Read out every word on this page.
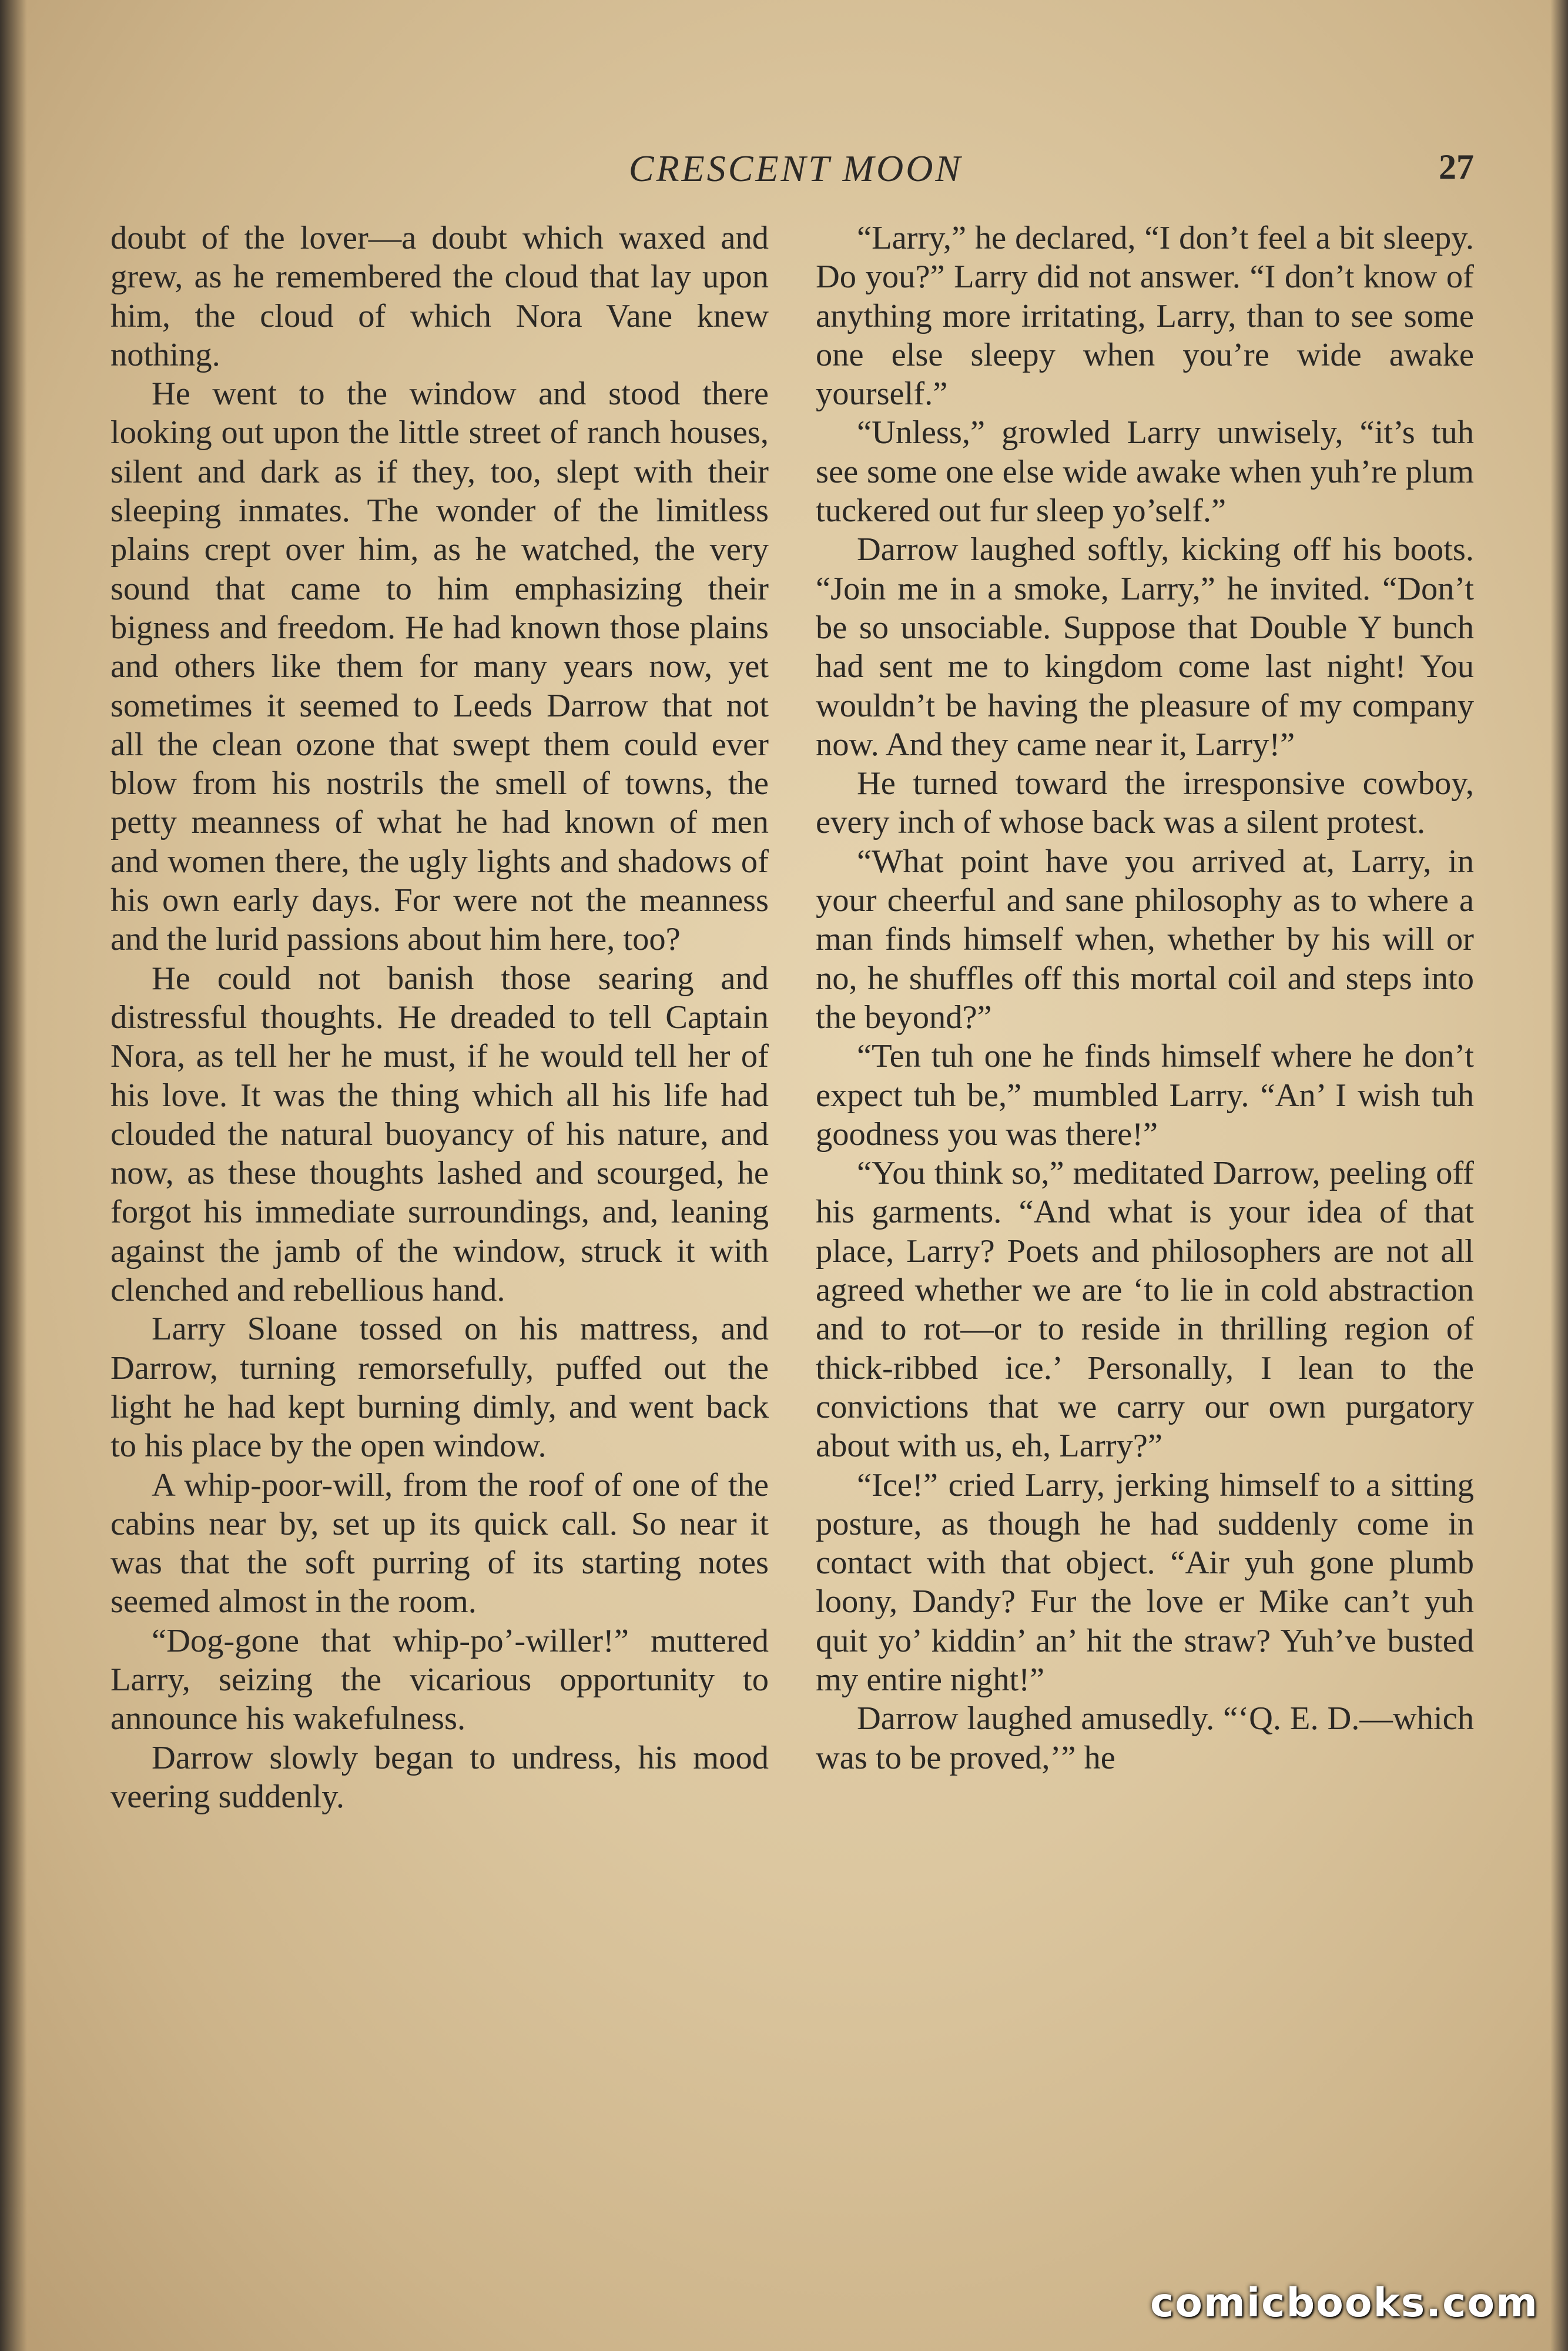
CRESCENT MOON	27

doubt of the lover—a doubt which waxed and grew, as he remembered the cloud that lay upon him, the cloud of which Nora Vane knew nothing.

He went to the window and stood there looking out upon the little street of ranch houses, silent and dark as if they, too, slept with their sleeping inmates. The wonder of the limitless plains crept over him, as he watched, the very sound that came to him emphasizing their bigness and freedom. He had known those plains and others like them for many years now, yet sometimes it seemed to Leeds Darrow that not all the clean ozone that swept them could ever blow from his nostrils the smell of towns, the petty meanness of what he had known of men and women there, the ugly lights and shadows of his own early days. For were not the meanness and the lurid passions about him here, too?

He could not banish those searing and distressful thoughts. He dreaded to tell Captain Nora, as tell her he must, if he would tell her of his love. It was the thing which all his life had clouded the natural buoyancy of his nature, and now, as these thoughts lashed and scourged, he forgot his immediate surroundings, and, leaning against the jamb of the window, struck it with clenched and rebellious hand.

Larry Sloane tossed on his mattress, and Darrow, turning remorsefully, puffed out the light he had kept burning dimly, and went back to his place by the open window.

A whip-poor-will, from the roof of one of the cabins near by, set up its quick call. So near it was that the soft purring of its starting notes seemed almost in the room.

“Dog-gone that whip-po’-willer!” muttered Larry, seizing the vicarious opportunity to announce his wakefulness.

Darrow slowly began to undress, his mood veering suddenly.

“Larry,” he declared, “I don’t feel a bit sleepy. Do you?” Larry did not answer. “I don’t know of anything more irritating, Larry, than to see some one else sleepy when you’re wide awake yourself.”

“Unless,” growled Larry unwisely, “it’s tuh see some one else wide awake when yuh’re plum tuckered out fur sleep yo’self.”

Darrow laughed softly, kicking off his boots. “Join me in a smoke, Larry,” he invited. “Don’t be so unsociable. Suppose that Double Y bunch had sent me to kingdom come last night! You wouldn’t be having the pleasure of my company now. And they came near it, Larry!”

He turned toward the irresponsive cowboy, every inch of whose back was a silent protest.

“What point have you arrived at, Larry, in your cheerful and sane philosophy as to where a man finds himself when, whether by his will or no, he shuffles off this mortal coil and steps into the beyond?”

“Ten tuh one he finds himself where he don’t expect tuh be,” mumbled Larry. “An’ I wish tuh goodness you was there!”

“You think so,” meditated Darrow, peeling off his garments. “And what is your idea of that place, Larry? Poets and philosophers are not all agreed whether we are ‘to lie in cold abstraction and to rot—or to reside in thrilling region of thick-ribbed ice.’ Personally, I lean to the convictions that we carry our own purgatory about with us, eh, Larry?”

“Ice!” cried Larry, jerking himself to a sitting posture, as though he had suddenly come in contact with that object. “Air yuh gone plumb loony, Dandy? Fur the love er Mike can’t yuh quit yo’ kiddin’ an’ hit the straw? Yuh’ve busted my entire night!”

Darrow laughed amusedly. “‘Q. E. D.—which was to be proved,’” he

comicbooks.com
